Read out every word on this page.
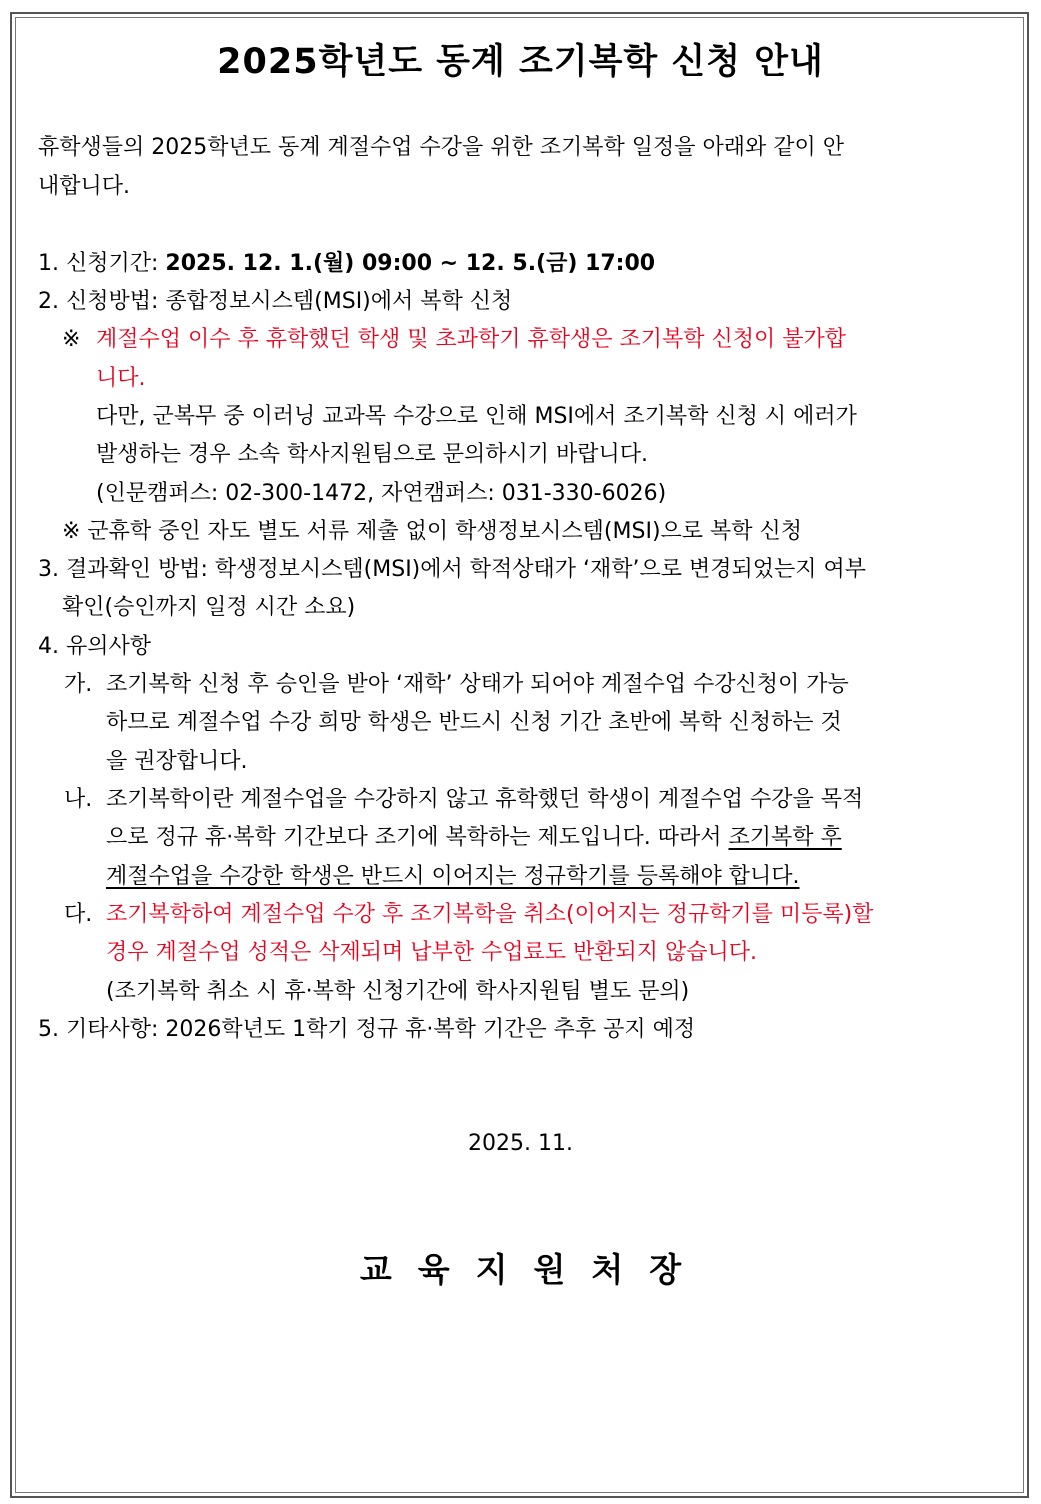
2025학년도 동계 조기복학 신청 안내
휴학생들의 2025학년도 동계 계절수업 수강을 위한 조기복학 일정을 아래와 같이 안
내합니다.
1. 신청기간: 2025. 12. 1.(월) 09:00 ~ 12. 5.(금) 17:00
2. 신청방법: 종합정보시스템(MSI)에서 복학 신청
※ 계절수업 이수 후 휴학했던 학생 및 초과학기 휴학생은 조기복학 신청이 불가합
니다.
다만, 군복무 중 이러닝 교과목 수강으로 인해 MSI에서 조기복학 신청 시 에러가
발생하는 경우 소속 학사지원팀으로 문의하시기 바랍니다.
(인문캠퍼스: 02-300-1472, 자연캠퍼스: 031-330-6026)
※ 군휴학 중인 자도 별도 서류 제출 없이 학생정보시스템(MSI)으로 복학 신청
3. 결과확인 방법: 학생정보시스템(MSI)에서 학적상태가 ‘재학’으로 변경되었는지 여부
확인(승인까지 일정 시간 소요)
4. 유의사항
가. 조기복학 신청 후 승인을 받아 ‘재학’ 상태가 되어야 계절수업 수강신청이 가능
하므로 계절수업 수강 희망 학생은 반드시 신청 기간 초반에 복학 신청하는 것
을 권장합니다.
나. 조기복학이란 계절수업을 수강하지 않고 휴학했던 학생이 계절수업 수강을 목적
으로 정규 휴·복학 기간보다 조기에 복학하는 제도입니다. 따라서 조기복학 후
계절수업을 수강한 학생은 반드시 이어지는 정규학기를 등록해야 합니다.
다. 조기복학하여 계절수업 수강 후 조기복학을 취소(이어지는 정규학기를 미등록)할
경우 계절수업 성적은 삭제되며 납부한 수업료도 반환되지 않습니다.
(조기복학 취소 시 휴·복학 신청기간에 학사지원팀 별도 문의)
5. 기타사항: 2026학년도 1학기 정규 휴·복학 기간은 추후 공지 예정
2025. 11.
교육지원처장
